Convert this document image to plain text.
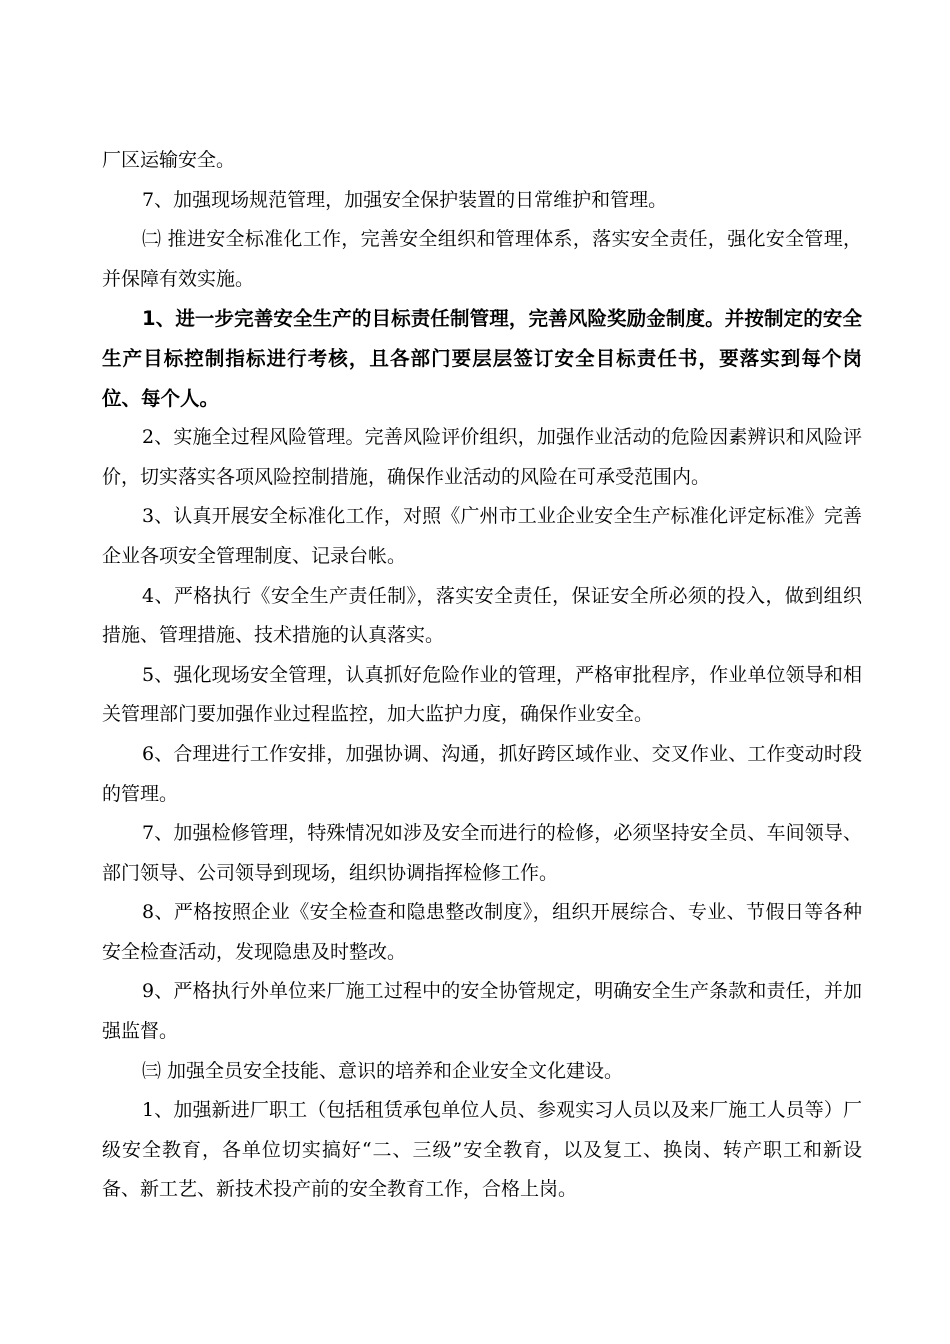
厂区运输安全。

7、加强现场规范管理，加强安全保护装置的日常维护和管理。

㈡ 推进安全标准化工作，完善安全组织和管理体系，落实安全责任，强化安全管理，并保障有效实施。

1、进一步完善安全生产的目标责任制管理，完善风险奖励金制度。并按制定的安全生产目标控制指标进行考核，且各部门要层层签订安全目标责任书，要落实到每个岗位、每个人。

2、实施全过程风险管理。完善风险评价组织，加强作业活动的危险因素辨识和风险评价，切实落实各项风险控制措施，确保作业活动的风险在可承受范围内。

3、认真开展安全标准化工作，对照《广州市工业企业安全生产标准化评定标准》完善企业各项安全管理制度、记录台帐。

4、严格执行《安全生产责任制》，落实安全责任，保证安全所必须的投入，做到组织措施、管理措施、技术措施的认真落实。

5、强化现场安全管理，认真抓好危险作业的管理，严格审批程序，作业单位领导和相关管理部门要加强作业过程监控，加大监护力度，确保作业安全。

6、合理进行工作安排，加强协调、沟通，抓好跨区域作业、交叉作业、工作变动时段的管理。

7、加强检修管理，特殊情况如涉及安全而进行的检修，必须坚持安全员、车间领导、部门领导、公司领导到现场，组织协调指挥检修工作。

8、严格按照企业《安全检查和隐患整改制度》，组织开展综合、专业、节假日等各种安全检查活动，发现隐患及时整改。

9、严格执行外单位来厂施工过程中的安全协管规定，明确安全生产条款和责任，并加强监督。

㈢ 加强全员安全技能、意识的培养和企业安全文化建设。

1、加强新进厂职工（包括租赁承包单位人员、参观实习人员以及来厂施工人员等）厂级安全教育，各单位切实搞好“二、三级”安全教育，以及复工、换岗、转产职工和新设备、新工艺、新技术投产前的安全教育工作，合格上岗。
